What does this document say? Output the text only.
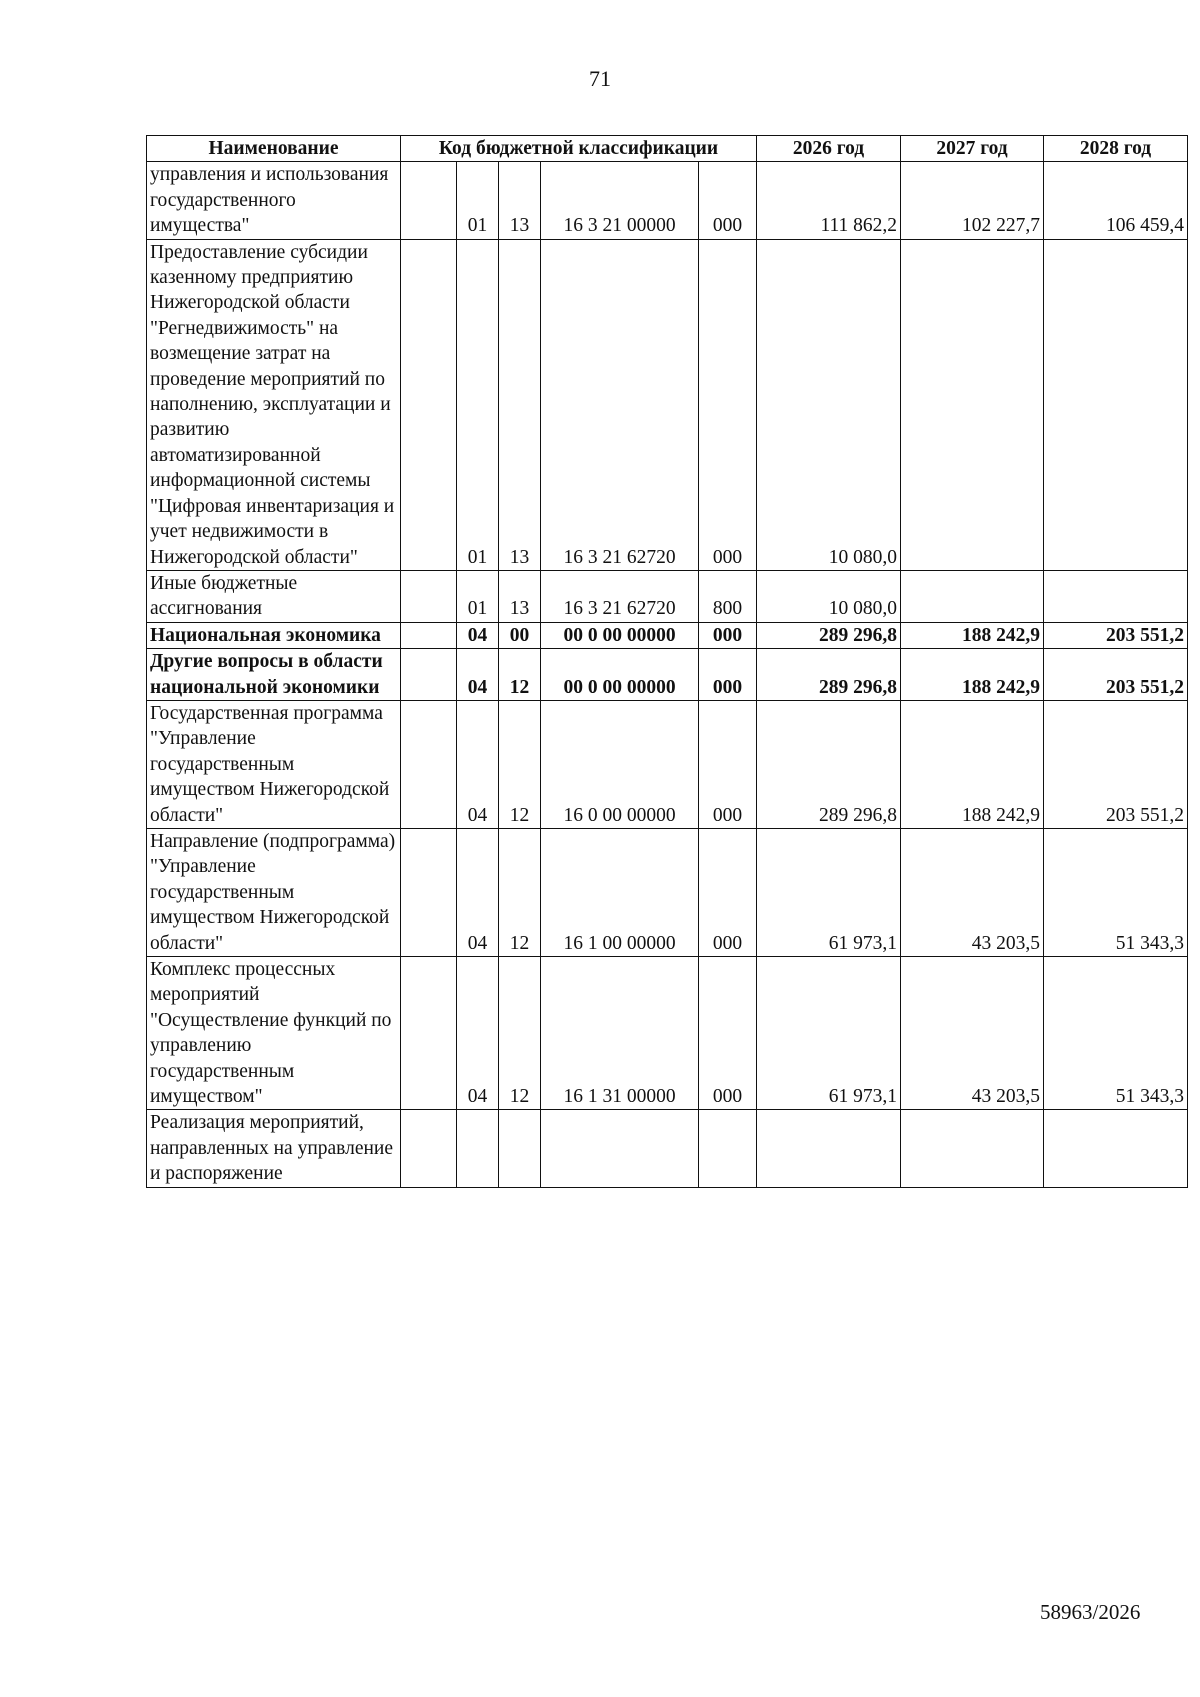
71
Наименование	Код бюджетной классификации					2026 год	2027 год	2028 год
управления и использования государственного имущества"		01	13	16 3 21 00000	000	111 862,2	102 227,7	106 459,4
Предоставление субсидии казенному предприятию Нижегородской области "Регнедвижимость" на возмещение затрат на проведение мероприятий по наполнению, эксплуатации и развитию автоматизированной информационной системы "Цифровая инвентаризация и учет недвижимости в Нижегородской области"		01	13	16 3 21 62720	000	10 080,0		
Иные бюджетные ассигнования		01	13	16 3 21 62720	800	10 080,0		
Национальная экономика		04	00	00 0 00 00000	000	289 296,8	188 242,9	203 551,2
Другие вопросы в области национальной экономики		04	12	00 0 00 00000	000	289 296,8	188 242,9	203 551,2
Государственная программа "Управление государственным имуществом Нижегородской области"		04	12	16 0 00 00000	000	289 296,8	188 242,9	203 551,2
Направление (подпрограмма) "Управление государственным имуществом Нижегородской области"		04	12	16 1 00 00000	000	61 973,1	43 203,5	51 343,3
Комплекс процессных мероприятий "Осуществление функций по управлению государственным имуществом"		04	12	16 1 31 00000	000	61 973,1	43 203,5	51 343,3
Реализация мероприятий, направленных на управление и распоряжение								
58963/2026
